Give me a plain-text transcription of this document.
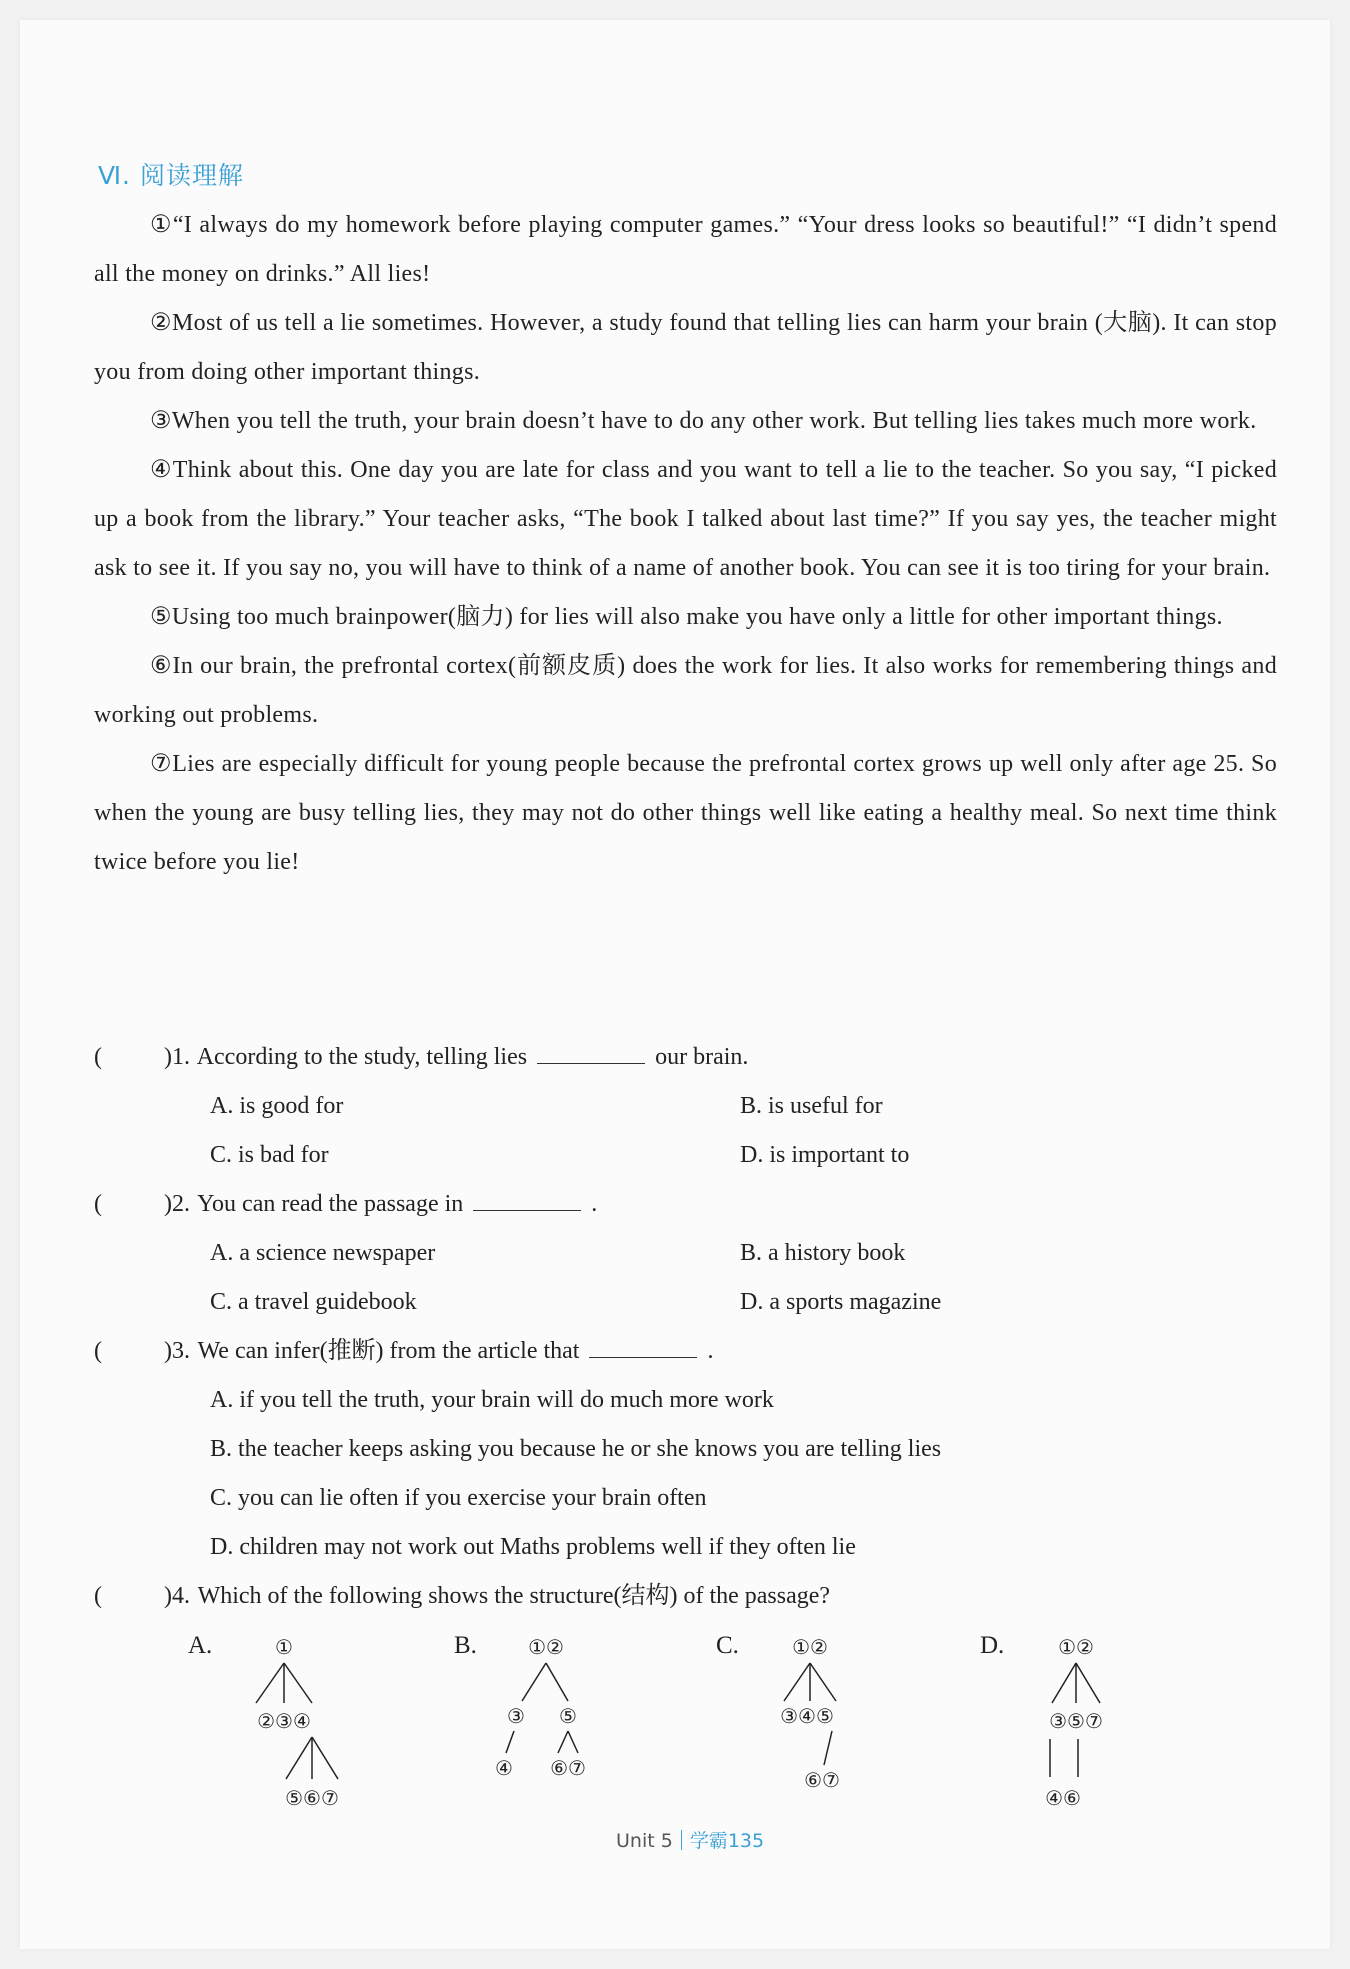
Ⅵ. 阅读理解

①“I always do my homework before playing computer games.” “Your dress looks so beautiful!” “I didn’t spend all the money on drinks.” All lies!

②Most of us tell a lie sometimes. However, a study found that telling lies can harm your brain (大脑). It can stop you from doing other important things.

③When you tell the truth, your brain doesn’t have to do any other work. But telling lies takes much more work.

④Think about this. One day you are late for class and you want to tell a lie to the teacher. So you say, “I picked up a book from the library.” Your teacher asks, “The book I talked about last time?” If you say yes, the teacher might ask to see it. If you say no, you will have to think of a name of another book. You can see it is too tiring for your brain.

⑤Using too much brainpower(脑力) for lies will also make you have only a little for other important things.

⑥In our brain, the prefrontal cortex(前额皮质) does the work for lies. It also works for remembering things and working out problems.

⑦Lies are especially difficult for young people because the prefrontal cortex grows up well only after age 25. So when the young are busy telling lies, they may not do other things well like eating a healthy meal. So next time think twice before you lie!

(	) 1. According to the study, telling lies	our brain.
A. is good for	B. is useful for
C. is bad for	D. is important to
(	) 2. You can read the passage in	.
A. a science newspaper	B. a history book
C. a travel guidebook	D. a sports magazine
(	) 3. We can infer(推断) from the article that	.
A. if you tell the truth, your brain will do much more work
B. the teacher keeps asking you because he or she knows you are telling lies
C. you can lie often if you exercise your brain often
D. children may not work out Maths problems well if they often lie
(	) 4. Which of the following shows the structure(结构) of the passage?
A.	①
②③④
⑤⑥⑦
B.	①②
③ ⑤
④ ⑥⑦
C.	①②
③④⑤
⑥⑦
D.	①②
③⑤⑦
④⑥
Unit 5 学霸135
